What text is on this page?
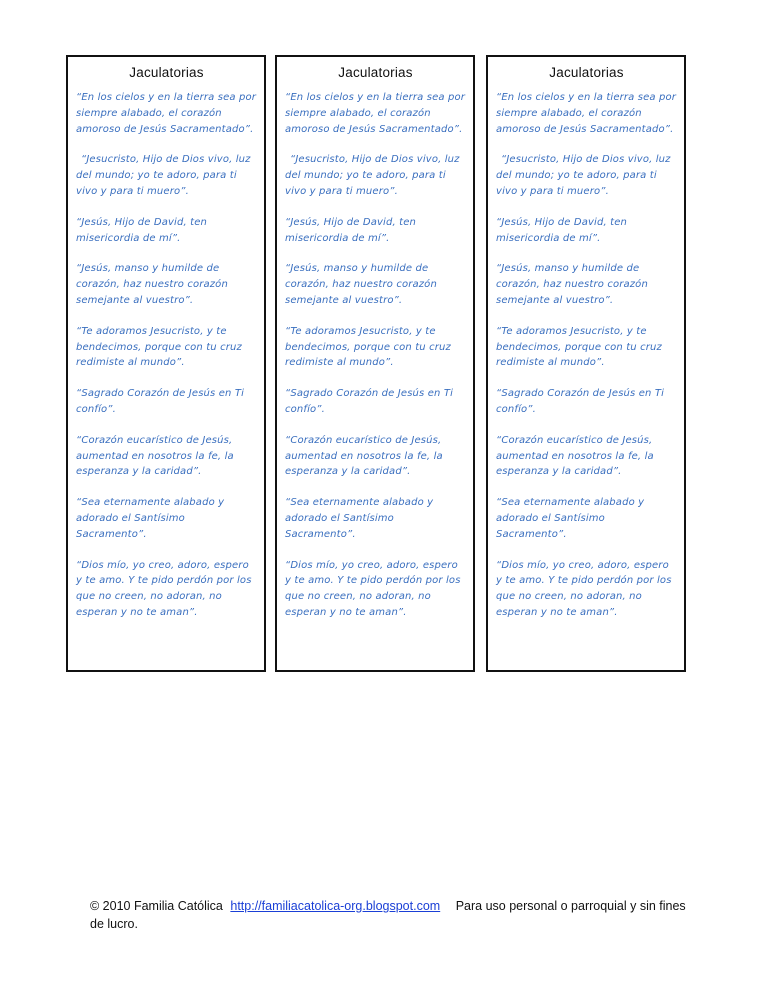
Jaculatorias

“En los cielos y en la tierra sea por siempre alabado, el corazón amoroso de Jesús Sacramentado”.

“Jesucristo, Hijo de Dios vivo, luz del mundo; yo te adoro, para ti vivo y para ti muero”.

“Jesús, Hijo de David, ten misericordia de mí”.

“Jesús, manso y humilde de corazón, haz nuestro corazón semejante al vuestro”.

“Te adoramos Jesucristo, y te bendecimos, porque con tu cruz redimiste al mundo”.

“Sagrado Corazón de Jesús en Ti confío”.

“Corazón eucarístico de Jesús, aumentad en nosotros la fe, la esperanza y la caridad”.

“Sea eternamente alabado y adorado el Santísimo Sacramento”.

“Dios mío, yo creo, adoro, espero y te amo. Y te pido perdón por los que no creen, no adoran, no esperan y no te aman”.

Jaculatorias

“En los cielos y en la tierra sea por siempre alabado, el corazón amoroso de Jesús Sacramentado”.

“Jesucristo, Hijo de Dios vivo, luz del mundo; yo te adoro, para ti vivo y para ti muero”.

“Jesús, Hijo de David, ten misericordia de mí”.

“Jesús, manso y humilde de corazón, haz nuestro corazón semejante al vuestro”.

“Te adoramos Jesucristo, y te bendecimos, porque con tu cruz redimiste al mundo”.

“Sagrado Corazón de Jesús en Ti confío”.

“Corazón eucarístico de Jesús, aumentad en nosotros la fe, la esperanza y la caridad”.

“Sea eternamente alabado y adorado el Santísimo Sacramento”.

“Dios mío, yo creo, adoro, espero y te amo. Y te pido perdón por los que no creen, no adoran, no esperan y no te aman”.

Jaculatorias

“En los cielos y en la tierra sea por siempre alabado, el corazón amoroso de Jesús Sacramentado”.

“Jesucristo, Hijo de Dios vivo, luz del mundo; yo te adoro, para ti vivo y para ti muero”.

“Jesús, Hijo de David, ten misericordia de mí”.

“Jesús, manso y humilde de corazón, haz nuestro corazón semejante al vuestro”.

“Te adoramos Jesucristo, y te bendecimos, porque con tu cruz redimiste al mundo”.

“Sagrado Corazón de Jesús en Ti confío”.

“Corazón eucarístico de Jesús, aumentad en nosotros la fe, la esperanza y la caridad”.

“Sea eternamente alabado y adorado el Santísimo Sacramento”.

“Dios mío, yo creo, adoro, espero y te amo. Y te pido perdón por los que no creen, no adoran, no esperan y no te aman”.

© 2010 Familia Católica http://familiacatolica-org.blogspot.com Para uso personal o parroquial y sin fines de lucro.
